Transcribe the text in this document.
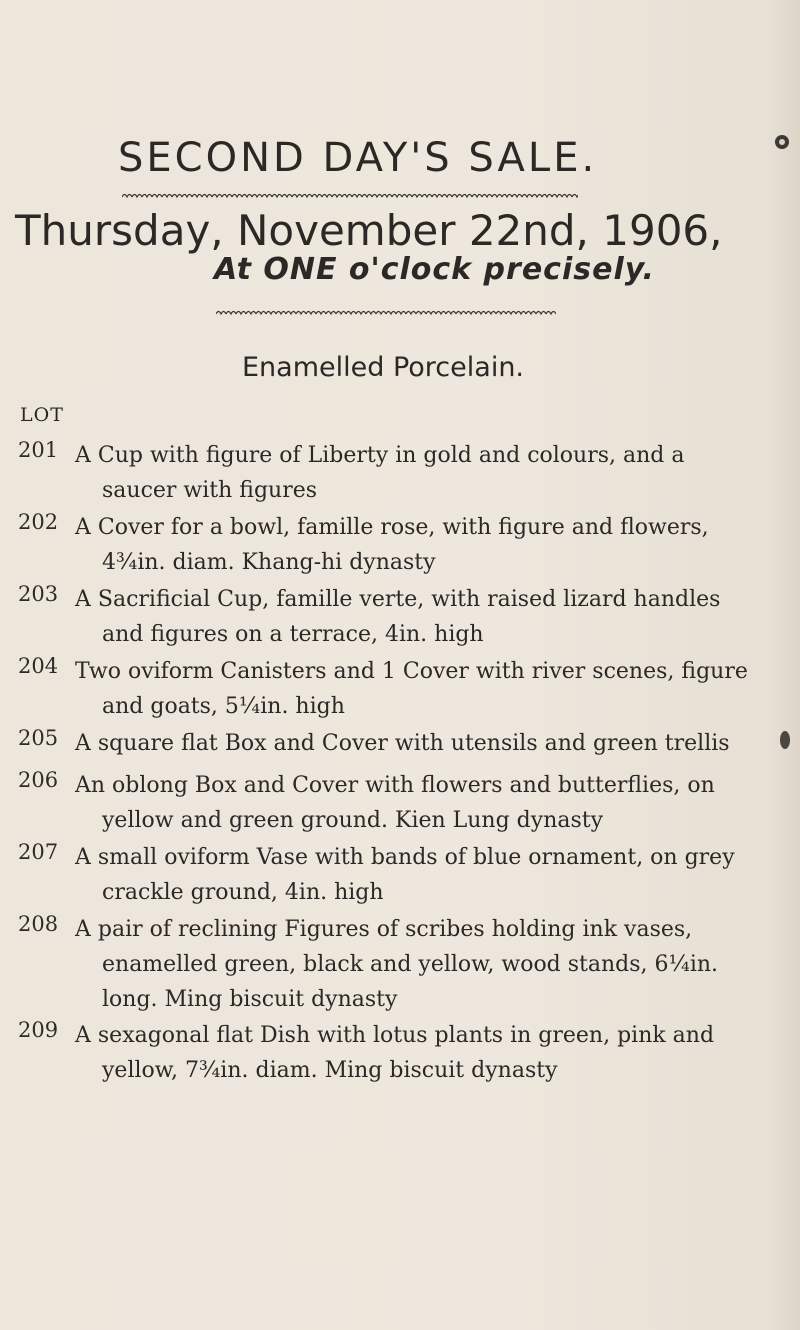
SECOND DAY'S SALE.
Thursday, November 22nd, 1906,
At ONE o'clock precisely.
Enamelled Porcelain.
LOT
201 A Cup with figure of Liberty in gold and colours, and a
saucer with figures
202 A Cover for a bowl, famille rose, with figure and flowers,
4¾in. diam. Khang-hi dynasty
203 A Sacrificial Cup, famille verte, with raised lizard handles
and figures on a terrace, 4in. high
204 Two oviform Canisters and 1 Cover with river scenes, figure
and goats, 5¼in. high
205 A square flat Box and Cover with utensils and green trellis
206 An oblong Box and Cover with flowers and butterflies, on
yellow and green ground. Kien Lung dynasty
207 A small oviform Vase with bands of blue ornament, on grey
crackle ground, 4in. high
208 A pair of reclining Figures of scribes holding ink vases,
enamelled green, black and yellow, wood stands, 6¼in.
long. Ming biscuit dynasty
209 A sexagonal flat Dish with lotus plants in green, pink and
yellow, 7¾in. diam. Ming biscuit dynasty
